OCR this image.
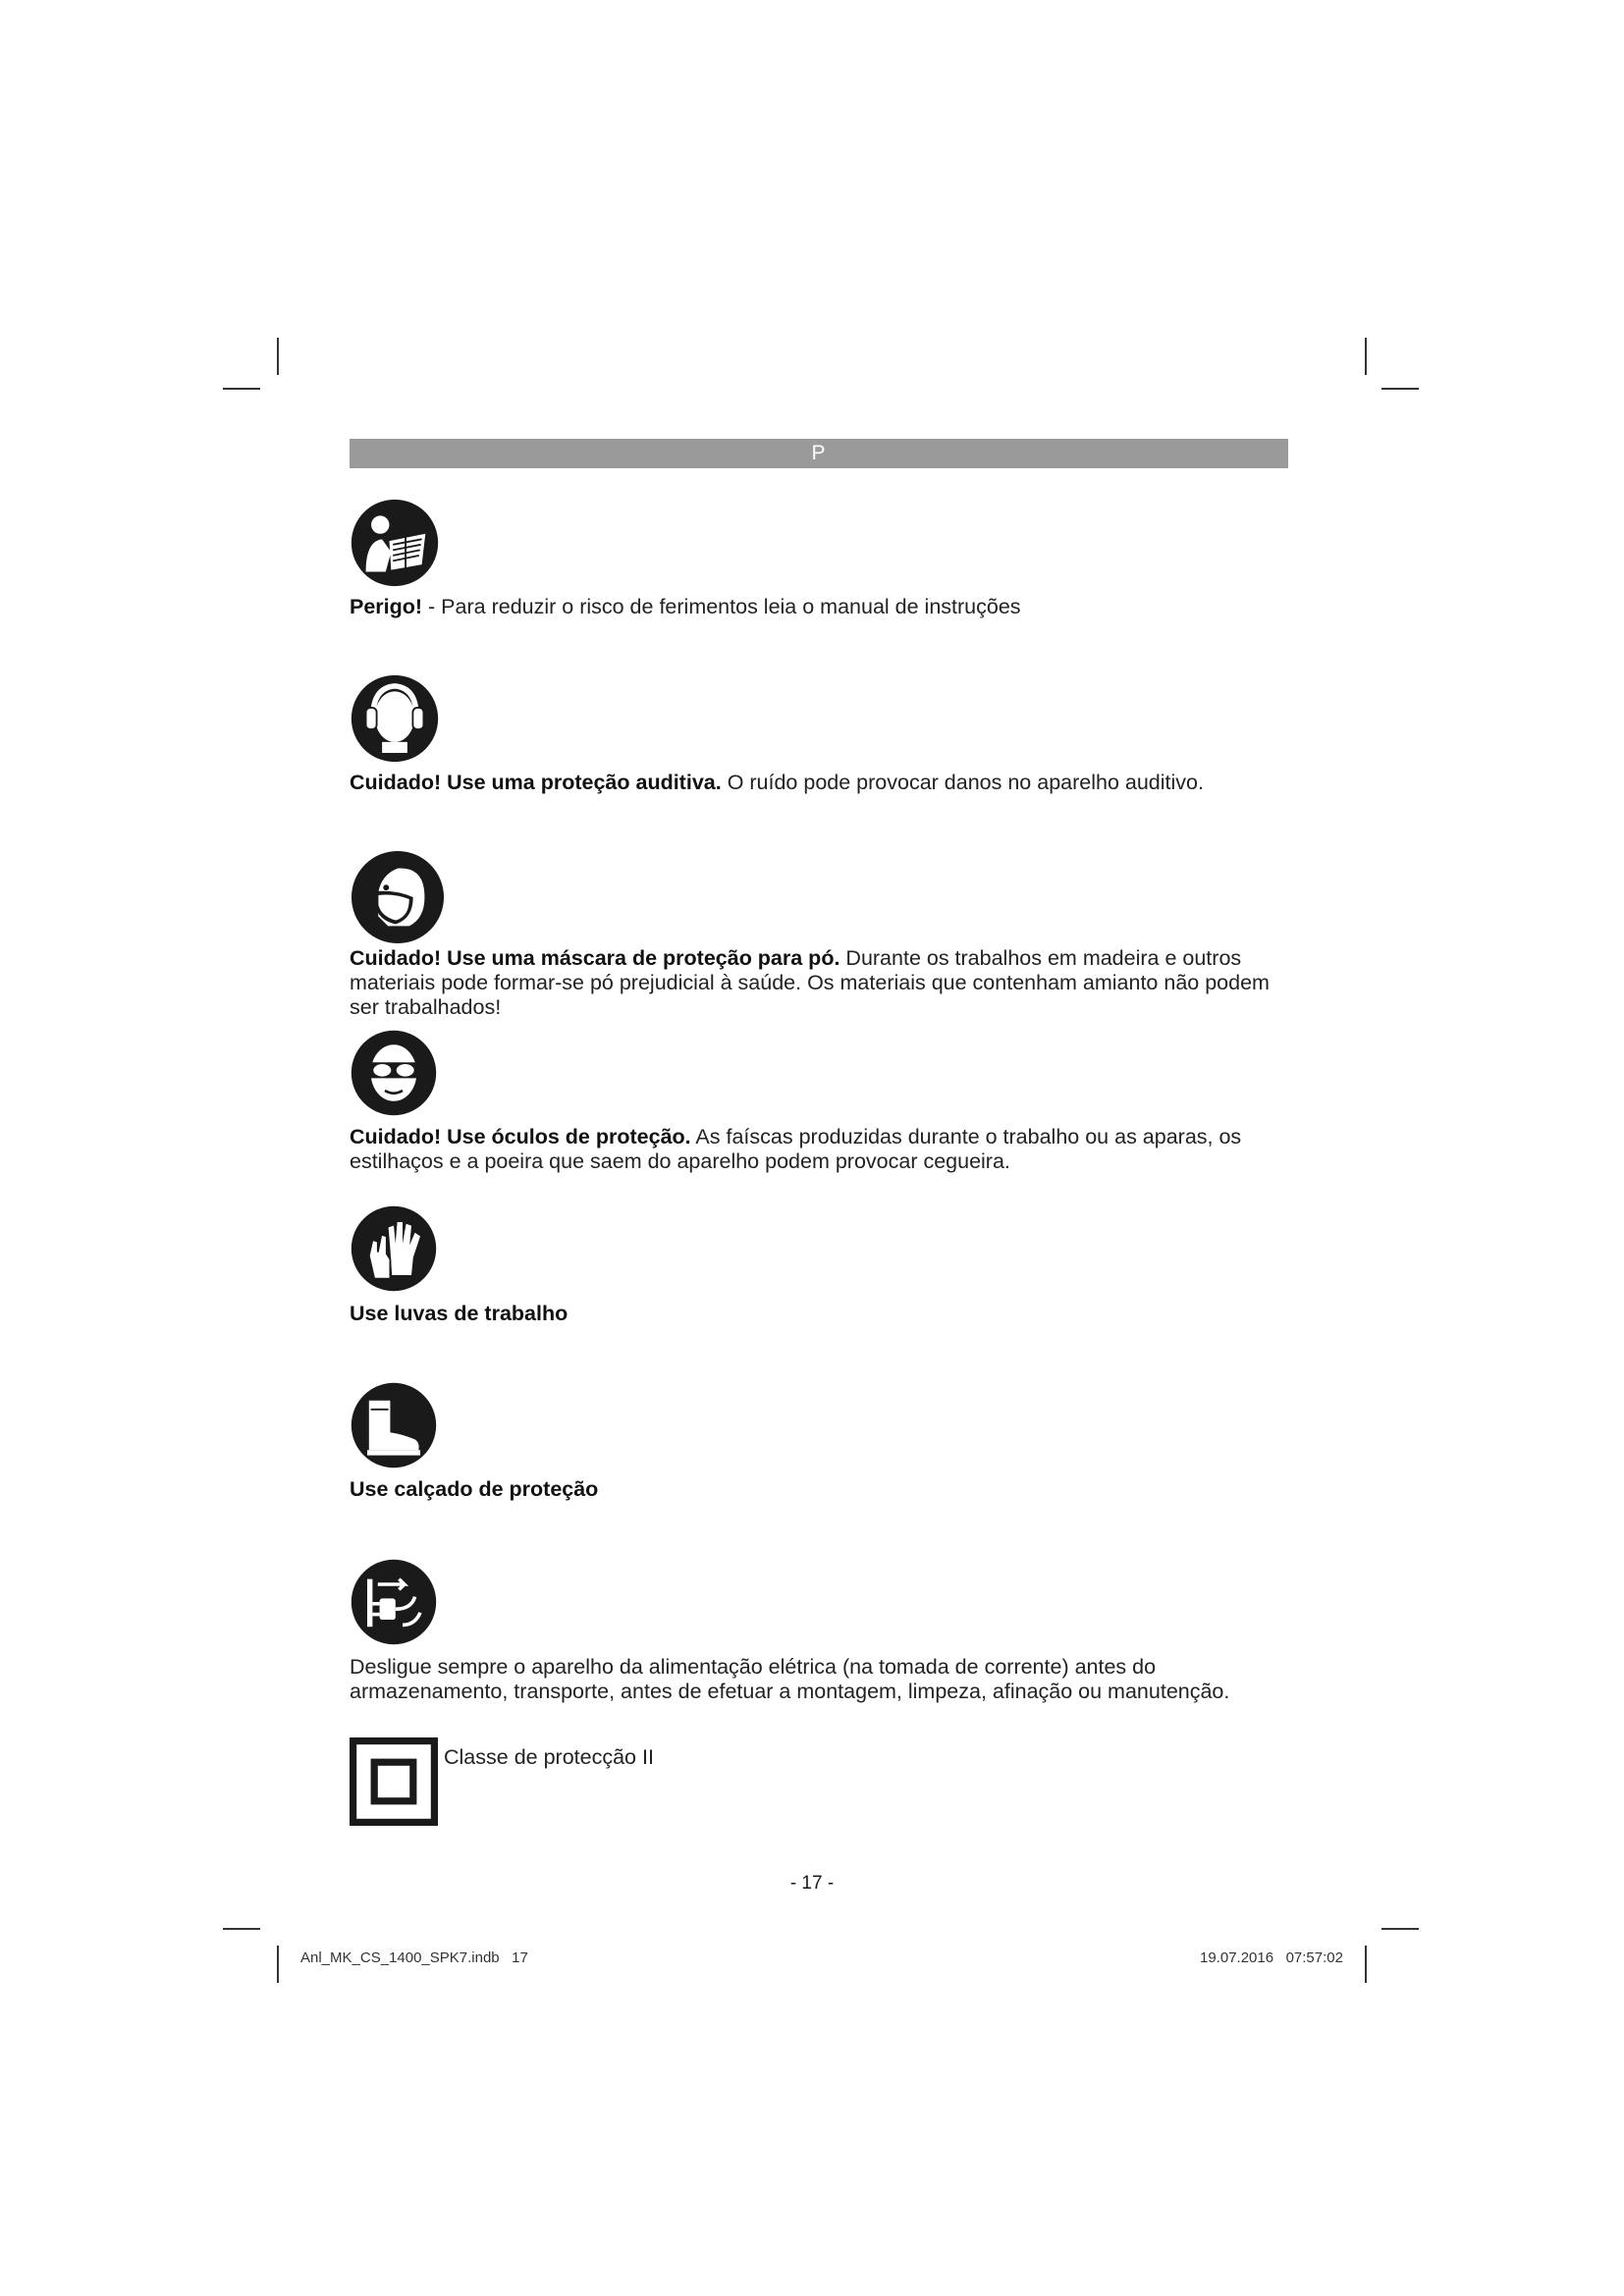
P
Perigo! - Para reduzir o risco de ferimentos leia o manual de instruções
Cuidado! Use uma proteção auditiva. O ruído pode provocar danos no aparelho auditivo.
Cuidado! Use uma máscara de proteção para pó. Durante os trabalhos em madeira e outros materiais pode formar-se pó prejudicial à saúde. Os materiais que contenham amianto não podem ser trabalhados!
Cuidado! Use óculos de proteção. As faíscas produzidas durante o trabalho ou as aparas, os estilhaços e a poeira que saem do aparelho podem provocar cegueira.
Use luvas de trabalho
Use calçado de proteção
Desligue sempre o aparelho da alimentação elétrica (na tomada de corrente) antes do armazenamento, transporte, antes de efetuar a montagem, limpeza, afinação ou manutenção.
Classe de protecção II
- 17 -
Anl_MK_CS_1400_SPK7.indb   17	19.07.2016   07:57:02
